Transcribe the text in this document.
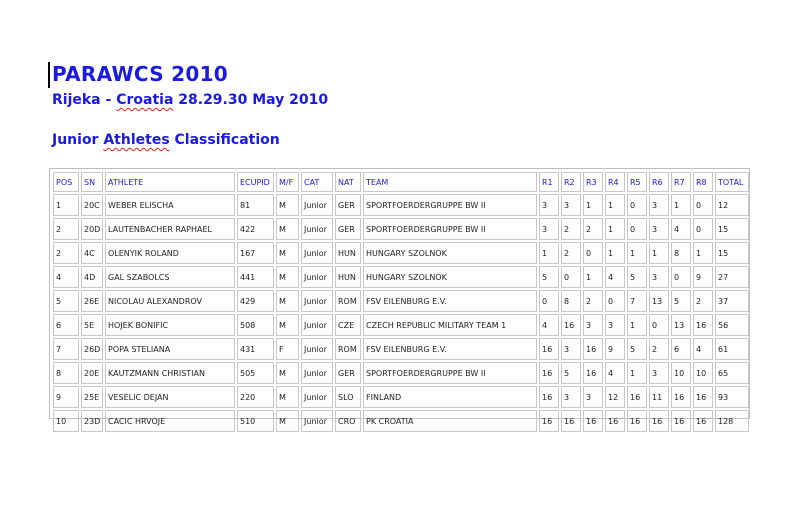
PARAWCS 2010
Rijeka - Croatia 28.29.30 May 2010
Junior Athletes Classification
POS	SN	ATHLETE	ECUPID	M/F	CAT	NAT	TEAM	R1	R2	R3	R4	R5	R6	R7	R8	TOTAL
1	20C	WEBER ELISCHA	81	M	Junior	GER	SPORTFOERDERGRUPPE BW II	3	3	1	1	0	3	1	0	12
2	20D	LAUTENBACHER RAPHAEL	422	M	Junior	GER	SPORTFOERDERGRUPPE BW II	3	2	2	1	0	3	4	0	15
2	4C	OLENYIK ROLAND	167	M	Junior	HUN	HUNGARY SZOLNOK	1	2	0	1	1	1	8	1	15
4	4D	GAL SZABOLCS	441	M	Junior	HUN	HUNGARY SZOLNOK	5	0	1	4	5	3	0	9	27
5	26E	NICOLAU ALEXANDROV	429	M	Junior	ROM	FSV EILENBURG E.V.	0	8	2	0	7	13	5	2	37
6	5E	HOJEK BONIFIC	508	M	Junior	CZE	CZECH REPUBLIC MILITARY TEAM 1	4	16	3	3	1	0	13	16	56
7	26D	POPA STELIANA	431	F	Junior	ROM	FSV EILENBURG E.V.	16	3	16	9	5	2	6	4	61
8	20E	KAUTZMANN CHRISTIAN	505	M	Junior	GER	SPORTFOERDERGRUPPE BW II	16	5	16	4	1	3	10	10	65
9	25E	VESELIC DEJAN	220	M	Junior	SLO	FINLAND	16	3	3	12	16	11	16	16	93
10	23D	CACIC HRVOJE	510	M	Junior	CRO	PK CROATIA	16	16	16	16	16	16	16	16	128
